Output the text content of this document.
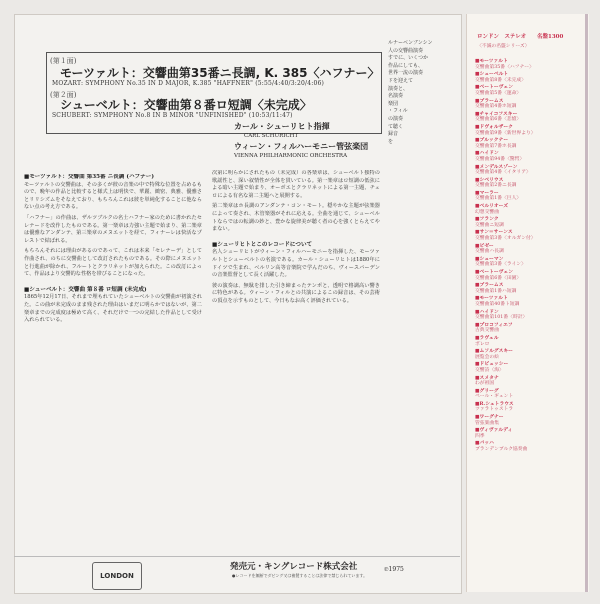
(第１面)
モーツァルト：交響曲第35番ニ長調, K. 385〈ハフナー〉
MOZART: SYMPHONY No.35 IN D MAJOR, K.385 "HAFFNER" (5:55/4:40/3:20/4:06)
(第２面)
シューベルト：交響曲第８番ロ短調〈未完成〉
SCHUBERT: SYMPHONY No.8 IN B MINOR "UNFINISHED" (10:53/11:47)
カール・シューリヒト指揮
CARL SCHURICHT
ウィーン・フィルハーモニー管弦楽団
VIENNA PHILHARMONIC ORCHESTRA
■モーツァルト：交響曲 第35番 ニ長調 (ハフナー)
モーツァルトの交響曲は、その多くが彼の音楽の中で特殊な位置を占めるもので、晩年の作品と比較すると様式上は明快で、華麗、緻密、典雅、優雅さとリリシズムをそなえており、もちろんこれは彼を単純化することに他ならない点の考え方である。
「ハフナー」の作曲は、ザルツブルクの名士ハフナー家のために書かれたセレナードを改作したものである。第一楽章は力強い主題で始まり、第二楽章は優雅なアンダンテ、第三楽章のメヌエットを経て、フィナーレは快活なプレストで結ばれる。
もちろんそれには理由があるのであって、これは本来「セレナーデ」として作曲され、のちに交響曲として改訂されたものである。その際にメヌエットと行進曲が除かれ、フルートとクラリネットが加えられた。この改訂によって、作品はより交響的な性格を帯びることになった。
■シューベルト：交響曲 第８番 ロ短調 (未完成)
1865年12月17日、それまで埋もれていたシューベルトの交響曲が初演された。この曲が未完成のまま残された理由はいまだに明らかではないが、第二楽章までの完成度は極めて高く、それだけで一つの完結した作品として受け入れられている。
次第に明らかにされたもの（未完成）の各楽章は、シューベルト独特の歌謡性と、深い叙情性が全体を貫いている。第一楽章はロ短調の低弦による暗い主題で始まり、オーボエとクラリネットによる第一主題、チェロによる有名な第二主題へと展開する。
第二楽章はホ長調のアンダンテ・コン・モート。穏やかな主題が弦楽器によって奏され、木管楽器がそれに応える。全曲を通じて、シューベルトならではの転調の妙と、豊かな旋律美が聴く者の心を強くとらえてやまない。
■シューリヒトとこのレコードについて
名人シューリヒトがウィーン・フィルハーモニーを指揮した、モーツァルトとシューベルトの名演である。カール・シューリヒトは1880年にドイツで生まれ、ベルリン高等音楽院で学んだのち、ヴィースバーデンの音楽監督として長く活躍した。
彼の演奏は、無駄を排した引き締まったテンポと、透明で格調高い響きに特色がある。ウィーン・フィルとの共演によるこの録音は、その芸術の頂点を示すものとして、今日もなお高く評価されている。
ルナーベンブンシン
人の交響曲演奏
すでに、いくつか
作品にしても、
世界一流の演奏
ドを迎えて
演奏と、
名演奏
楽団
・フィル
の演奏
て聴く
録音
を
LONDON
発売元・キングレコード株式会社
●レコードを無断でダビング又は複製することは法律で禁じられています。
℗1975
ロンドン　ステレオ 名盤1300
〈不滅の名盤シリーズ〉
■モーツァルト
交響曲第35番〈ハフナー〉
■シューベルト
交響曲第8番〈未完成〉
■ベートーヴェン
交響曲第5番〈運命〉
■ブラームス
交響曲第4番ホ短調
■チャイコフスキー
交響曲第6番〈悲愴〉
■ドヴォルザーク
交響曲第9番〈新世界より〉
■ブルックナー
交響曲第7番ホ長調
■ハイドン
交響曲第94番〈驚愕〉
■メンデルスゾーン
交響曲第4番〈イタリア〉
■シベリウス
交響曲第2番ニ長調
■マーラー
交響曲第1番〈巨人〉
■ベルリオーズ
幻想交響曲
■フランク
交響曲ニ短調
■サン＝サーンス
交響曲第3番〈オルガン付〉
■ビゼー
交響曲ハ長調
■シューマン
交響曲第3番〈ライン〉
■ベートーヴェン
交響曲第6番〈田園〉
■ブラームス
交響曲第1番ハ短調
■モーツァルト
交響曲第40番ト短調
■ハイドン
交響曲第101番〈時計〉
■プロコフィエフ
古典交響曲
■ラヴェル
ボレロ
■ムソルグスキー
展覧会の絵
■ドビュッシー
交響詩〈海〉
■スメタナ
わが祖国
■グリーグ
ペール・ギュント
■R.シュトラウス
ツァラトゥストラ
■ワーグナー
管弦楽曲集
■ヴィヴァルディ
四季
■バッハ
ブランデンブルク協奏曲
